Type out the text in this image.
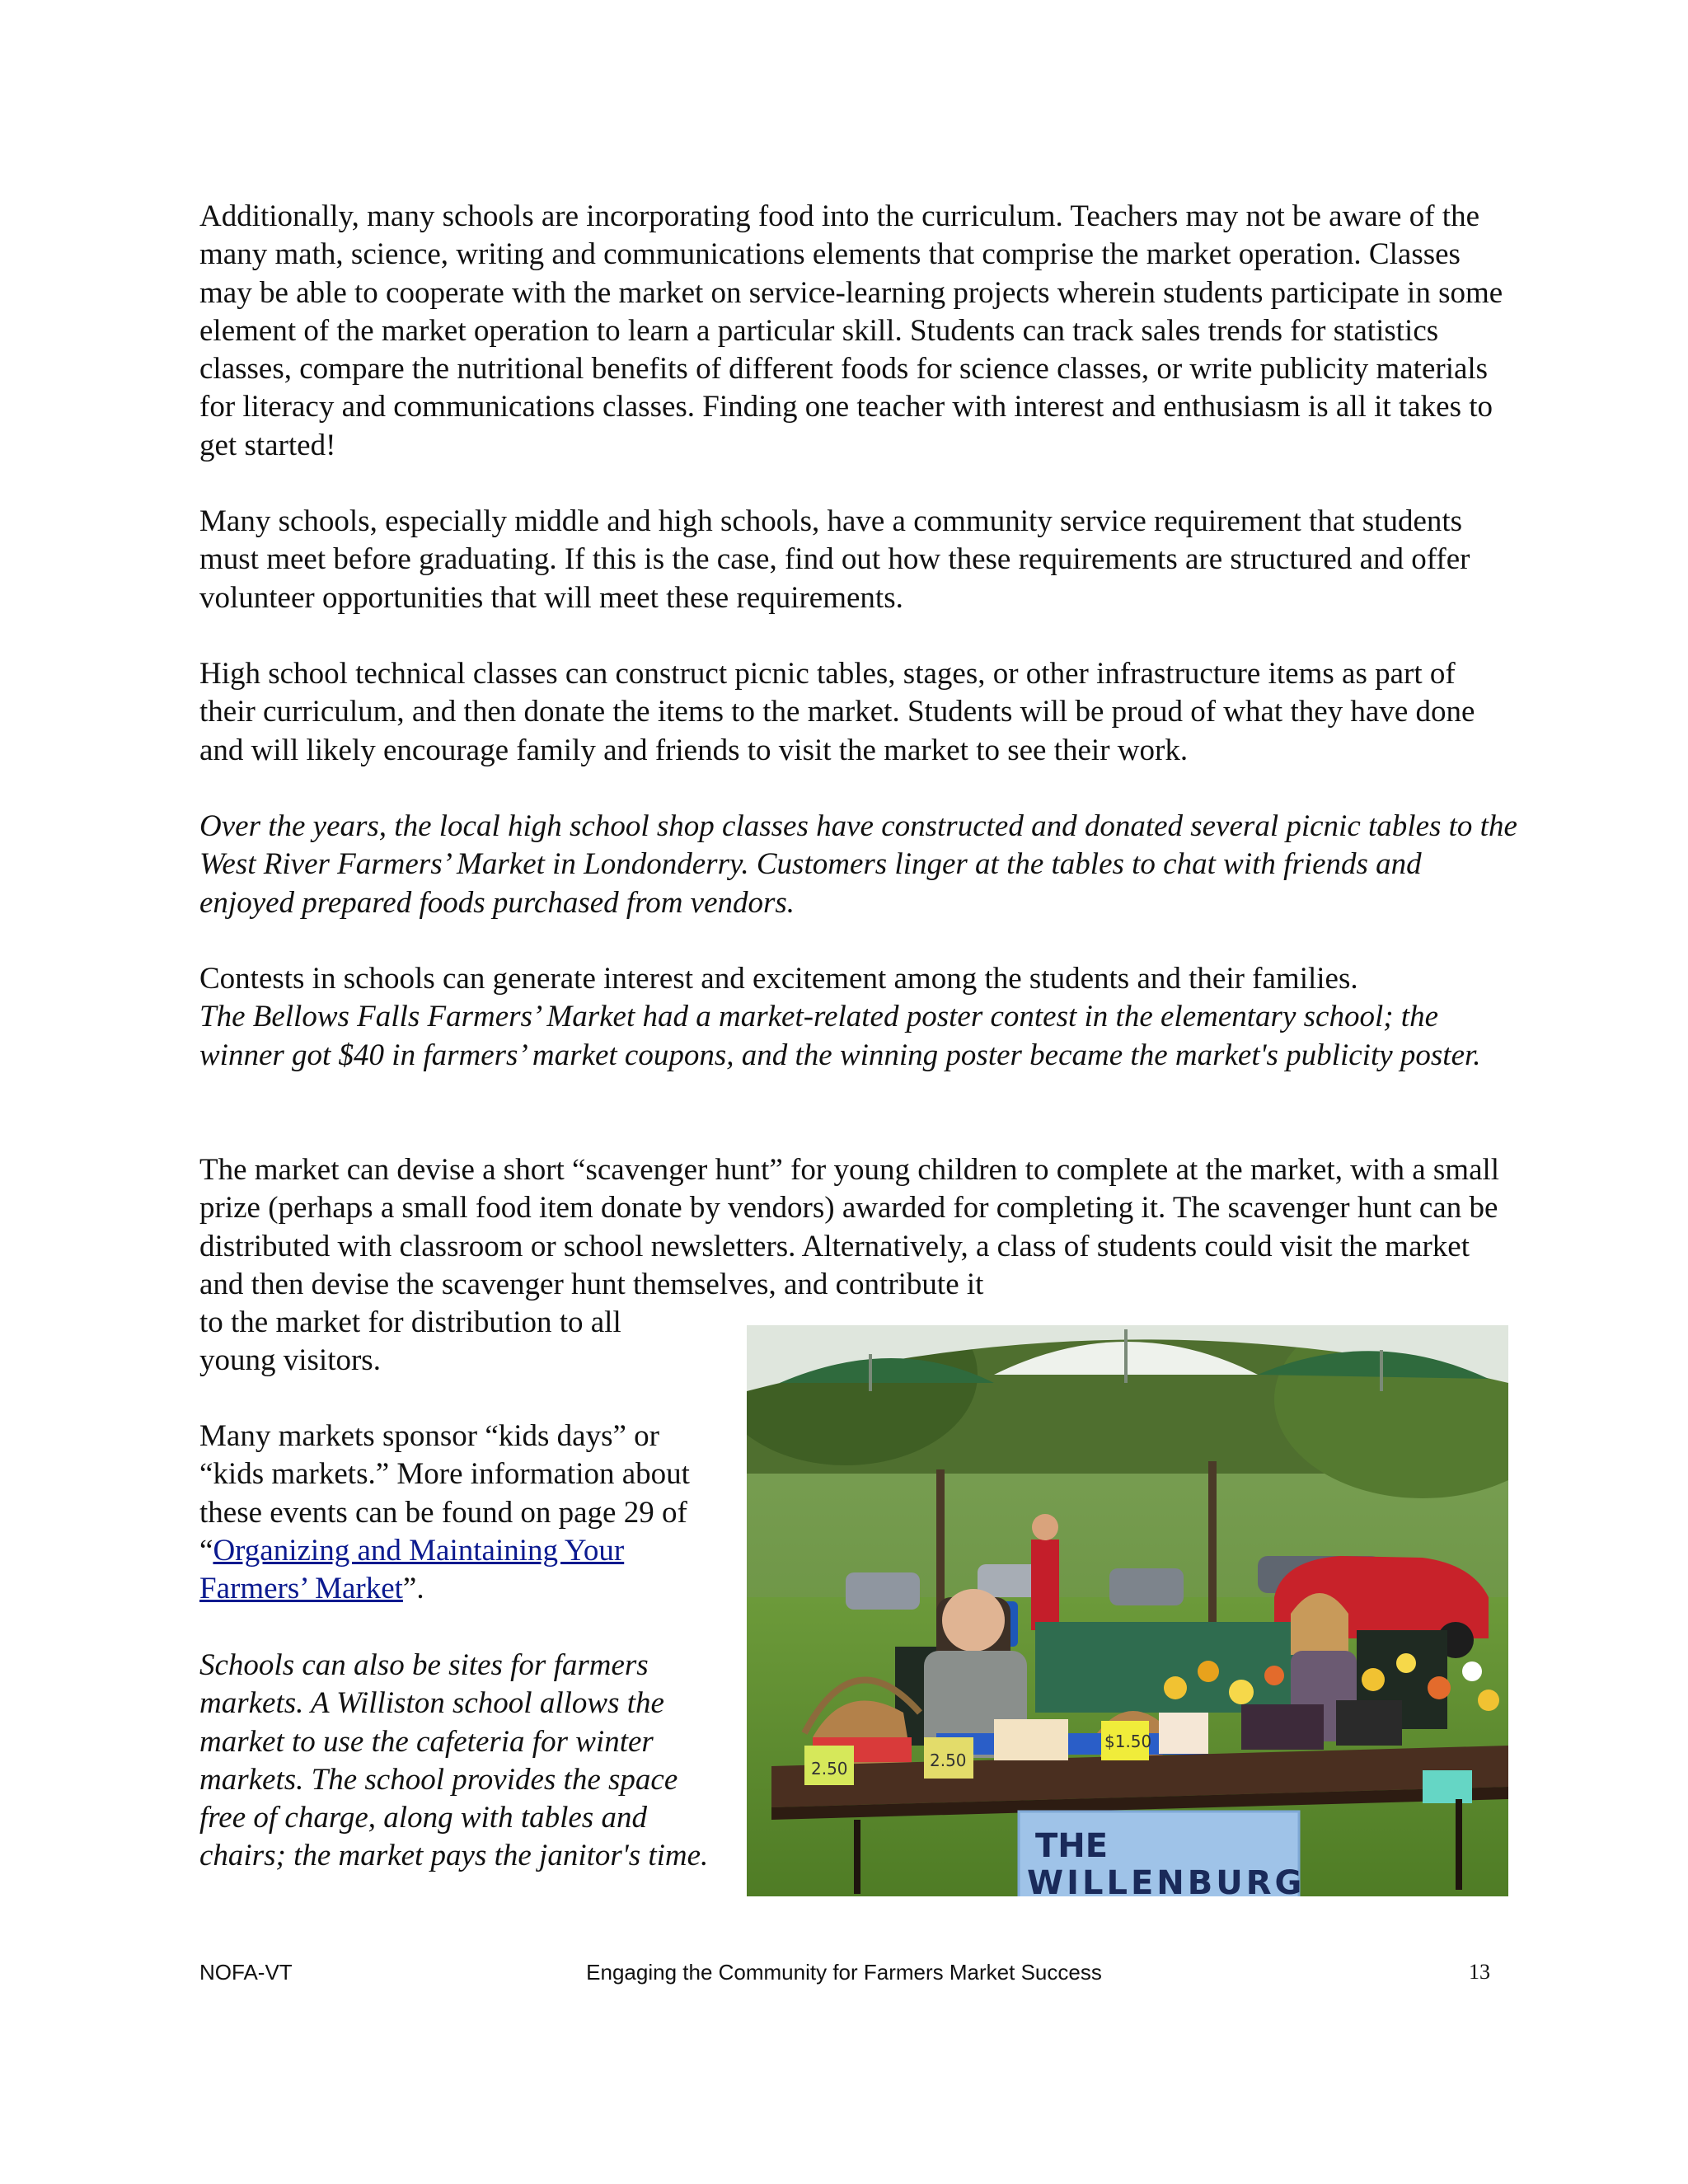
Additionally, many schools are incorporating food into the curriculum. Teachers may not be aware of the many math, science, writing and communications elements that comprise the market operation. Classes may be able to cooperate with the market on service-learning projects wherein students participate in some element of the market operation to learn a particular skill. Students can track sales trends for statistics classes, compare the nutritional benefits of different foods for science classes, or write publicity materials for literacy and communications classes. Finding one teacher with interest and enthusiasm is all it takes to get started!

Many schools, especially middle and high schools, have a community service requirement that students must meet before graduating. If this is the case, find out how these requirements are structured and offer volunteer opportunities that will meet these requirements.

High school technical classes can construct picnic tables, stages, or other infrastructure items as part of their curriculum, and then donate the items to the market. Students will be proud of what they have done and will likely encourage family and friends to visit the market to see their work.

Over the years, the local high school shop classes have constructed and donated several picnic tables to the West River Farmers’ Market in Londonderry. Customers linger at the tables to chat with friends and enjoyed prepared foods purchased from vendors.

Contests in schools can generate interest and excitement among the students and their families.
The Bellows Falls Farmers’ Market had a market-related poster contest in the elementary school; the winner got $40 in farmers’ market coupons, and the winning poster became the market's publicity poster.

The market can devise a short “scavenger hunt” for young children to complete at the market, with a small prize (perhaps a small food item donate by vendors) awarded for completing it. The scavenger hunt can be distributed with classroom or school newsletters. Alternatively, a class of students could visit the market and then devise the scavenger hunt themselves, and contribute it

to the market for distribution to all young visitors.

Many markets sponsor “kids days” or “kids markets.” More information about these events can be found on page 29 of “Organizing and Maintaining Your Farmers’ Market”.

Schools can also be sites for farmers markets. A Williston school allows the market to use the cafeteria for winter markets. The school provides the space free of charge, along with tables and chairs; the market pays the janitor's time.	THE
WILLENBURG
2.50	2.50
$1.50
NOFA-VT	Engaging the Community for Farmers Market Success	13
